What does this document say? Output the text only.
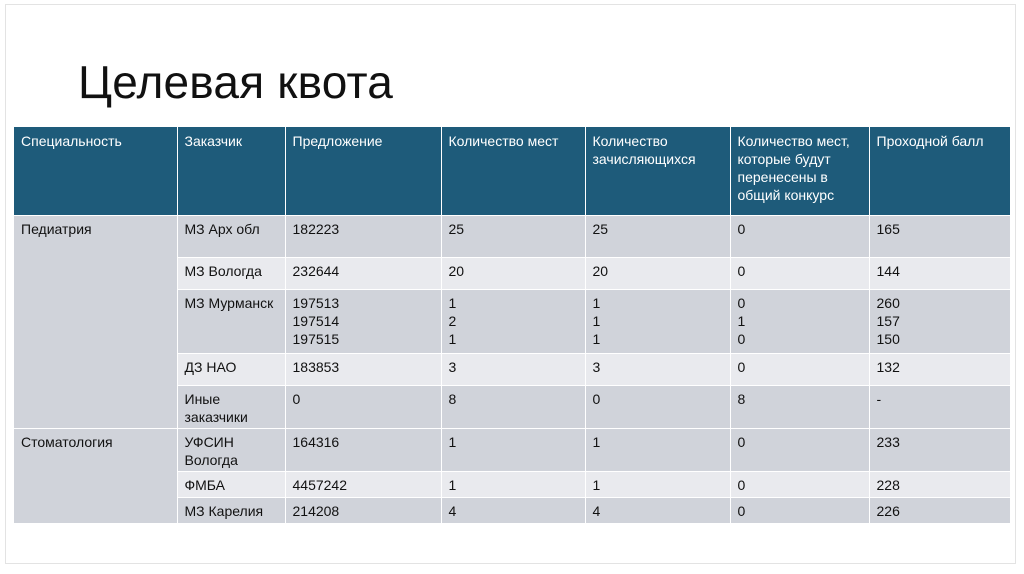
Целевая квота
Специальность	Заказчик	Предложение	Количество мест	Количество зачисляющихся	Количество мест, которые будут перенесены в общий конкурс	Проходной балл
Педиатрия	МЗ Арх обл	182223	25	25	0	165

	МЗ Вологда	232644	20	20	0	144

	МЗ Мурманск	197513
197514
197515	1
2
1	1
1
1	0
1
0	260
157
150

	ДЗ НАО	183853	3	3	0	132

	Иные заказчики	0	8	0	8	-

Стоматология	УФСИН Вологда	164316	1	1	0	233

	ФМБА	4457242	1	1	0	228

	МЗ Карелия	214208	4	4	0	226
